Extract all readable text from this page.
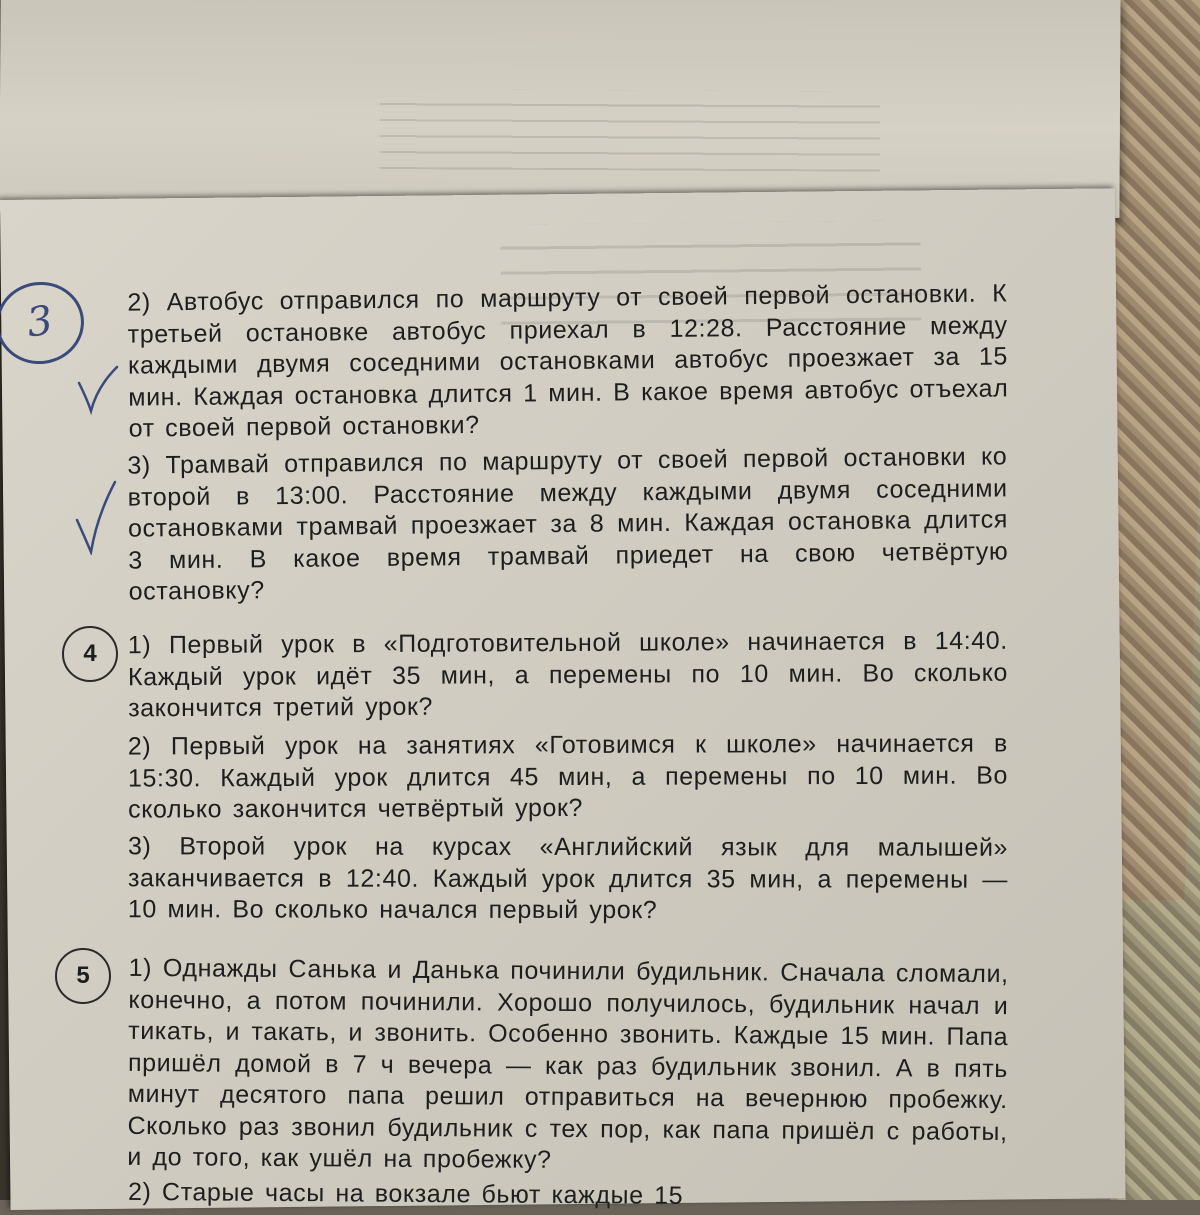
3	2) Автобус отправился по маршруту от своей первой остановки. К третьей остановке автобус приехал в 12:28. Расстояние между каждыми двумя соседними остановками автобус проезжает за 15 мин. Каждая остановка длится 1 мин. В какое время автобус отъехал от своей первой остановки?
3) Трамвай отправился по маршруту от своей первой остановки ко второй в 13:00. Расстояние между каждыми двумя соседними остановками трамвай проезжает за 8 мин. Каждая остановка длится 3 мин. В какое время трамвай приедет на свою четвёртую остановку?
4	1) Первый урок в «Подготовительной школе» начинается в 14:40. Каждый урок идёт 35 мин, а перемены по 10 мин. Во сколько закончится третий урок?
2) Первый урок на занятиях «Готовимся к школе» начинается в 15:30. Каждый урок длится 45 мин, а перемены по 10 мин. Во сколько закончится четвёртый урок?
3) Второй урок на курсах «Английский язык для малышей» заканчивается в 12:40. Каждый урок длится 35 мин, а перемены — 10 мин. Во сколько начался первый урок?
5	1) Однажды Санька и Данька починили будильник. Сначала сломали, конечно, а потом починили. Хорошо получилось, будильник начал и тикать, и такать, и звонить. Особенно звонить. Каждые 15 мин. Папа пришёл домой в 7 ч вечера — как раз будильник звонил. А в пять минут десятого папа решил отправиться на вечернюю пробежку. Сколько раз звонил будильник с тех пор, как папа пришёл с работы, и до того, как ушёл на пробежку?
2) Старые часы на вокзале бьют каждые 15
